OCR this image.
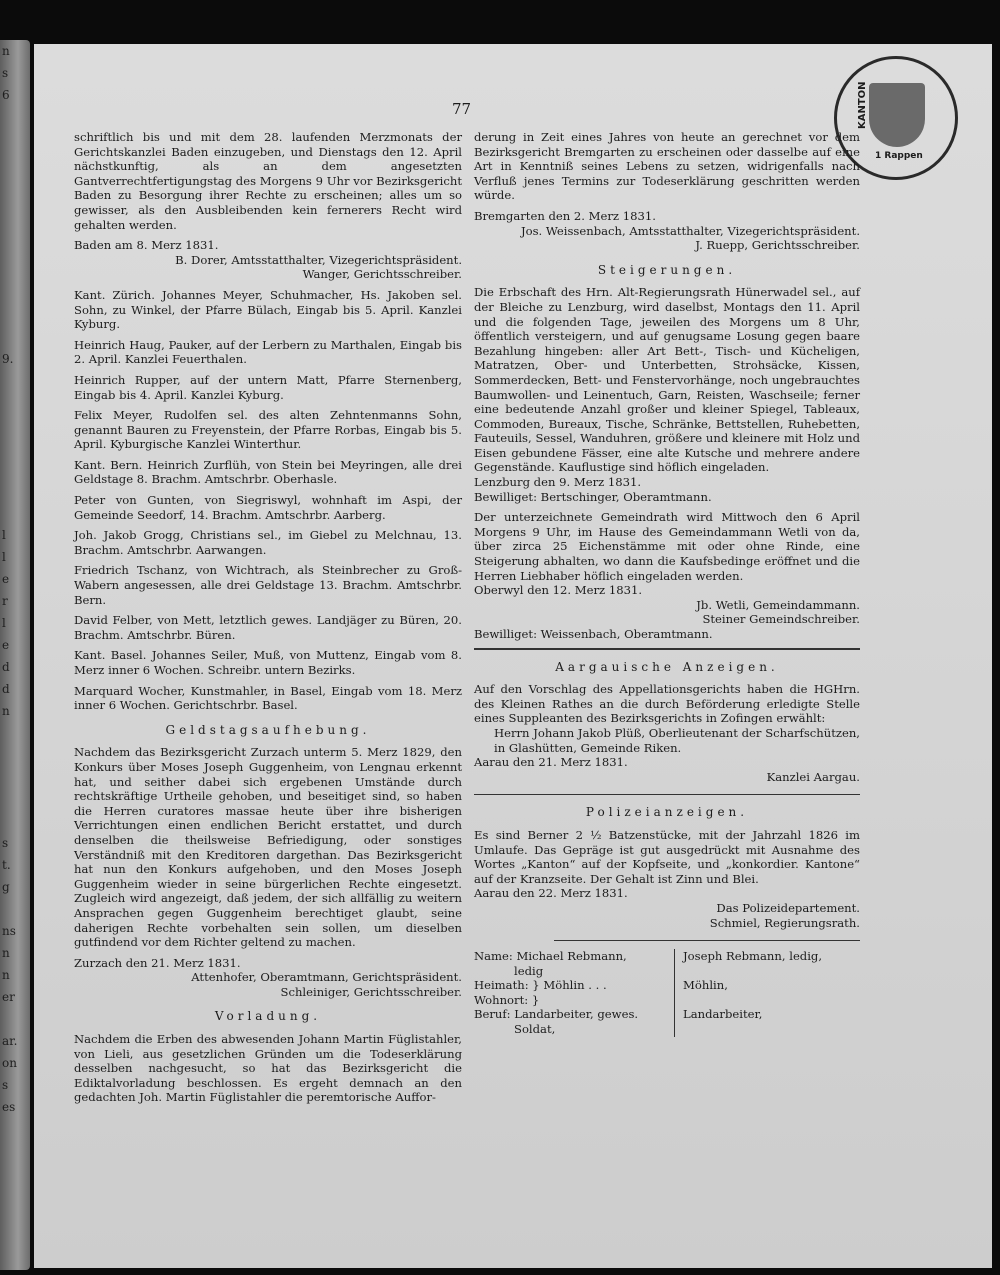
n
s
6

9.

l
l
e
r
l
e
d
d
n

s
t.
g

ns
n
n
er

ar.
on
s
es
77	KANTON
1 Rappen

schriftlich bis und mit dem 28. laufenden Merzmonats der Gerichtskanzlei Baden einzugeben, und Dienstags den 12. April nächstkunftig, als an dem angesetzten Gantverrechtfertigungstag des Morgens 9 Uhr vor Bezirksgericht Baden zu Besorgung ihrer Rechte zu erscheinen; alles um so gewisser, als den Ausbleibenden kein fernerers Recht wird gehalten werden.

Baden am 8. Merz 1831.

B. Dorer, Amtsstatthalter, Vizegerichtspräsident.

Wanger, Gerichtsschreiber.

Kant. Zürich. Johannes Meyer, Schuhmacher, Hs. Jakoben sel. Sohn, zu Winkel, der Pfarre Bülach, Eingab bis 5. April. Kanzlei Kyburg.

Heinrich Haug, Pauker, auf der Lerbern zu Marthalen, Eingab bis 2. April. Kanzlei Feuerthalen.

Heinrich Rupper, auf der untern Matt, Pfarre Sternenberg, Eingab bis 4. April. Kanzlei Kyburg.

Felix Meyer, Rudolfen sel. des alten Zehntenmanns Sohn, genannt Bauren zu Freyenstein, der Pfarre Rorbas, Eingab bis 5. April. Kyburgische Kanzlei Winterthur.

Kant. Bern. Heinrich Zurflüh, von Stein bei Meyringen, alle drei Geldstage 8. Brachm. Amtschrbr. Oberhasle.

Peter von Gunten, von Siegriswyl, wohnhaft im Aspi, der Gemeinde Seedorf, 14. Brachm. Amtschrbr. Aarberg.

Joh. Jakob Grogg, Christians sel., im Giebel zu Melchnau, 13. Brachm. Amtschrbr. Aarwangen.

Friedrich Tschanz, von Wichtrach, als Steinbrecher zu Groß-Wabern angesessen, alle drei Geldstage 13. Brachm. Amtschrbr. Bern.

David Felber, von Mett, letztlich gewes. Landjäger zu Büren, 20. Brachm. Amtschrbr. Büren.

Kant. Basel. Johannes Seiler, Muß, von Muttenz, Eingab vom 8. Merz inner 6 Wochen. Schreibr. untern Bezirks.

Marquard Wocher, Kunstmahler, in Basel, Eingab vom 18. Merz inner 6 Wochen. Gerichtschrbr. Basel.

Geldstagsaufhebung.

Nachdem das Bezirksgericht Zurzach unterm 5. Merz 1829, den Konkurs über Moses Joseph Guggenheim, von Lengnau erkennt hat, und seither dabei sich ergebenen Umstände durch rechtskräftige Urtheile gehoben, und beseitiget sind, so haben die Herren curatores massae heute über ihre bisherigen Verrichtungen einen endlichen Bericht erstattet, und durch denselben die theilsweise Befriedigung, oder sonstiges Verständniß mit den Kreditoren dargethan. Das Bezirksgericht hat nun den Konkurs aufgehoben, und den Moses Joseph Guggenheim wieder in seine bürgerlichen Rechte eingesetzt. Zugleich wird angezeigt, daß jedem, der sich allfällig zu weitern Ansprachen gegen Guggenheim berechtiget glaubt, seine daherigen Rechte vorbehalten sein sollen, um dieselben gutfindend vor dem Richter geltend zu machen.

Zurzach den 21. Merz 1831.

Attenhofer, Oberamtmann, Gerichtspräsident.

Schleiniger, Gerichtsschreiber.

Vorladung.

Nachdem die Erben des abwesenden Johann Martin Füglistahler, von Lieli, aus gesetzlichen Gründen um die Todeserklärung desselben nachgesucht, so hat das Bezirksgericht die Ediktalvorladung beschlossen. Es ergeht demnach an den gedachten Joh. Martin Füglistahler die peremtorische Auffor-

derung in Zeit eines Jahres von heute an gerechnet vor dem Bezirksgericht Bremgarten zu erscheinen oder dasselbe auf eine Art in Kenntniß seines Lebens zu setzen, widrigenfalls nach Verfluß jenes Termins zur Todeserklärung geschritten werden würde.

Bremgarten den 2. Merz 1831.

Jos. Weissenbach, Amtsstatthalter, Vizegerichtspräsident.

J. Ruepp, Gerichtsschreiber.

Steigerungen.

Die Erbschaft des Hrn. Alt-Regierungsrath Hünerwadel sel., auf der Bleiche zu Lenzburg, wird daselbst, Montags den 11. April und die folgenden Tage, jeweilen des Morgens um 8 Uhr, öffentlich versteigern, und auf genugsame Losung gegen baare Bezahlung hingeben: aller Art Bett-, Tisch- und Kücheligen, Matratzen, Ober- und Unterbetten, Strohsäcke, Kissen, Sommerdecken, Bett- und Fenstervorhänge, noch ungebrauchtes Baumwollen- und Leinentuch, Garn, Reisten, Waschseile; ferner eine bedeutende Anzahl großer und kleiner Spiegel, Tableaux, Commoden, Bureaux, Tische, Schränke, Bettstellen, Ruhebetten, Fauteuils, Sessel, Wanduhren, größere und kleinere mit Holz und Eisen gebundene Fässer, eine alte Kutsche und mehrere andere Gegenstände. Kauflustige sind höflich eingeladen.

Lenzburg den 9. Merz 1831.

Bewilliget: Bertschinger, Oberamtmann.

Der unterzeichnete Gemeindrath wird Mittwoch den 6 April Morgens 9 Uhr, im Hause des Gemeindammann Wetli von da, über zirca 25 Eichenstämme mit oder ohne Rinde, eine Steigerung abhalten, wo dann die Kaufsbedinge eröffnet und die Herren Liebhaber höflich eingeladen werden.

Oberwyl den 12. Merz 1831.

Jb. Wetli, Gemeindammann.

Steiner Gemeindschreiber.

Bewilliget: Weissenbach, Oberamtmann.

Aargauische Anzeigen.

Auf den Vorschlag des Appellationsgerichts haben die HGHrn. des Kleinen Rathes an die durch Beförderung erledigte Stelle eines Suppleanten des Bezirksgerichts in Zofingen erwählt:

Herrn Johann Jakob Plüß, Oberlieutenant der Scharfschützen, in Glashütten, Gemeinde Riken.

Aarau den 21. Merz 1831.

Kanzlei Aargau.

Polizeianzeigen.

Es sind Berner 2 ½ Batzenstücke, mit der Jahrzahl 1826 im Umlaufe. Das Gepräge ist gut ausgedrückt mit Ausnahme des Wortes „Kanton“ auf der Kopfseite, und „konkordier. Kantone“ auf der Kranzseite. Der Gehalt ist Zinn und Blei.

Aarau den 22. Merz 1831.

Das Polizeidepartement.

Schmiel, Regierungsrath.

Name: Michael Rebmann,
ledig
Heimath: } Möhlin . . .
Wohnort: }
Beruf: Landarbeiter, gewes.
Soldat,
Joseph Rebmann, ledig,
Möhlin,
Landarbeiter,
